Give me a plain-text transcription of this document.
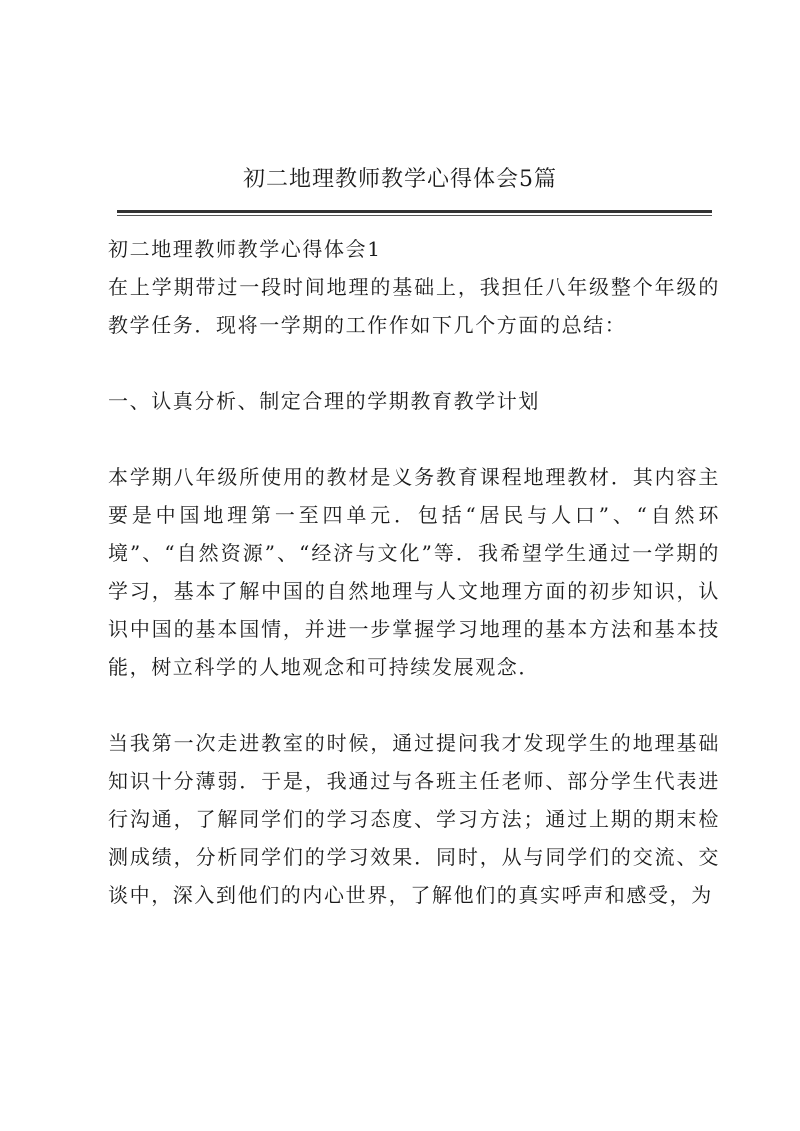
初二地理教师教学心得体会5篇

初二地理教师教学心得体会1

在上学期带过一段时间地理的基础上，我担任八年级整个年级的教学任务．现将一学期的工作作如下几个方面的总结：

一、认真分析、制定合理的学期教育教学计划

本学期八年级所使用的教材是义务教育课程地理教材．其内容主要是中国地理第一至四单元．包括“居民与人口”、“自然环境”、“自然资源”、“经济与文化”等．我希望学生通过一学期的学习，基本了解中国的自然地理与人文地理方面的初步知识，认识中国的基本国情，并进一步掌握学习地理的基本方法和基本技能，树立科学的人地观念和可持续发展观念．

当我第一次走进教室的时候，通过提问我才发现学生的地理基础知识十分薄弱．于是，我通过与各班主任老师、部分学生代表进行沟通，了解同学们的学习态度、学习方法；通过上期的期末检测成绩，分析同学们的学习效果．同时，从与同学们的交流、交谈中，深入到他们的内心世界，了解他们的真实呼声和感受，为
